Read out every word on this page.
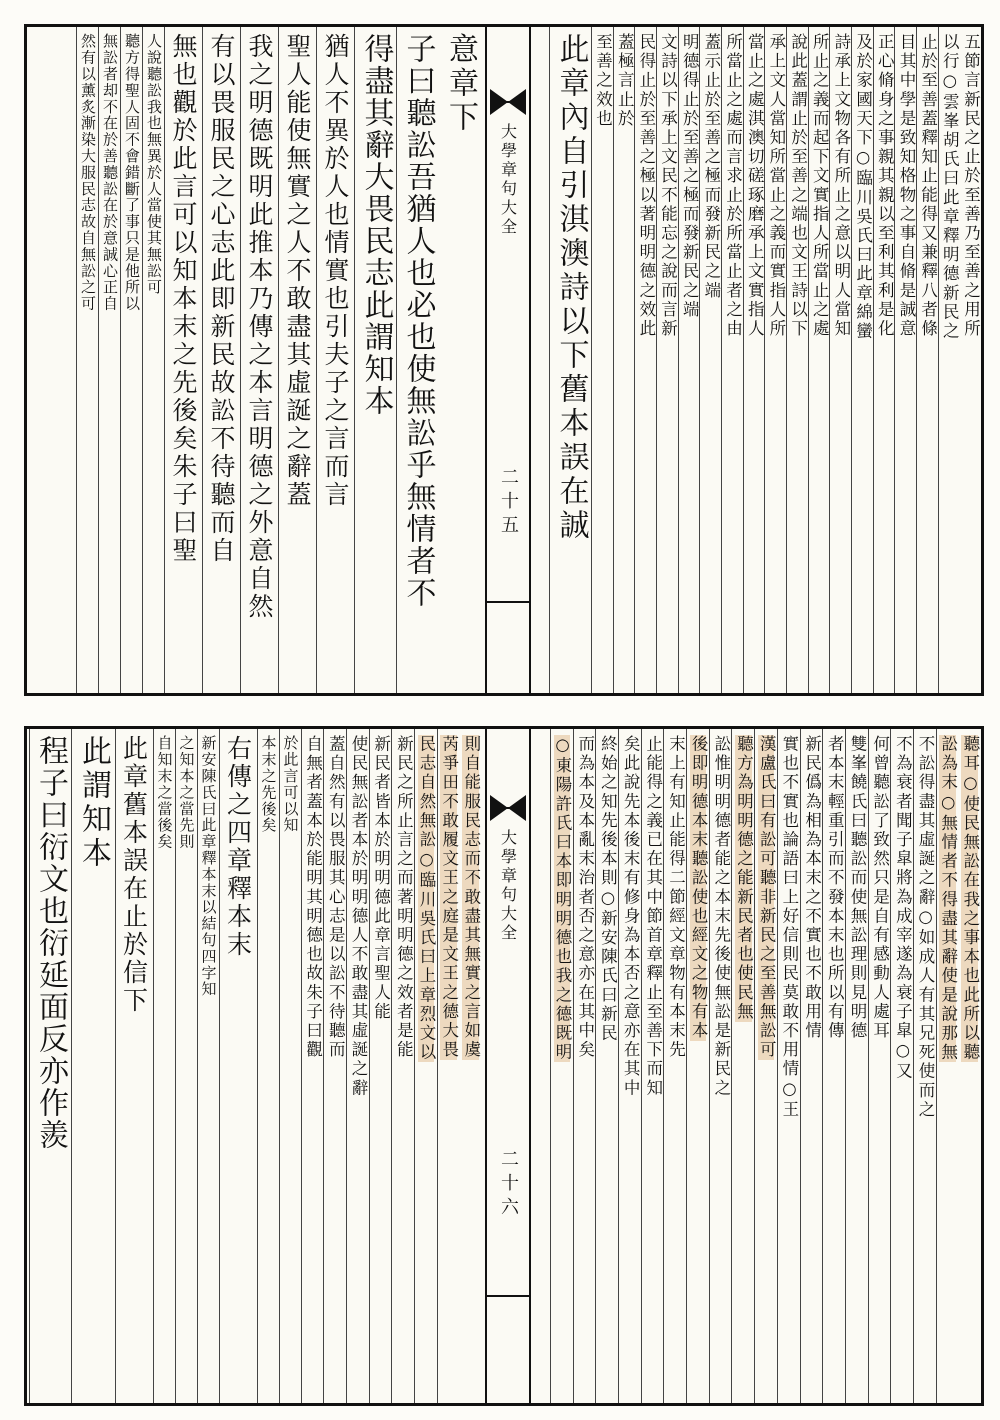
五節言新民之止於至善乃至善之用所
以行○雲峯胡氏曰此章釋明德新民之
止於至善蓋釋知止能得又兼釋八者條
目其中學是致知格物之事自脩是誠意
正心脩身之事親其親以至利其利是化
及於家國天下○臨川吳氏曰此章綿蠻
詩承上文物各有所止之意以明人當知
所止之義而起下文實指人所當止之處
說此蓋謂止於至善之端也文王詩以下
承上文人當知所當止之義而實指人所
當止之處淇澳切磋琢磨承上文實指人
所當止之處而言求止於所當止者之由
蓋示止於至善之極而發新民之端
明德得止於至善之極而發新民之端
文詩以下承上文民不能忘之說而言新
民得止於至善之極以著明明德之效此
蓋極言止於
至善之效也
此章內自引淇澳詩以下舊本誤在誠
大學章句大全
二十五
意章下
子曰聽訟吾猶人也必也使無訟乎無情者不
得盡其辭大畏民志此謂知本
猶人不異於人也情實也引夫子之言而言
聖人能使無實之人不敢盡其虛誕之辭蓋
我之明德既明此推本乃傳之本言明德之外意自然
有以畏服民之心志此即新民故訟不待聽而自
無也觀於此言可以知本末之先後矣朱子曰聖
人說聽訟我也無異於人當使其無訟可
聽方得聖人固不會錯斷了事只是他所以
無訟者却不在於善聽訟在於意誠心正自
然有以薰炙漸染大服民志故自無訟之可
聽耳○使民無訟在我之事本也此所以聽
訟為末○無情者不得盡其辭使是說那無
不訟得盡其虛誕之辭○如成人有其兄死使而之
不為衰者聞子皐將為成宰遂為衰子皐○又
何曾聽訟了致然只是自有感動人處耳
雙峯饒氏曰聽訟而使無訟理則見明德
者本末輕重引而不發本末也所以有傳
新民僞為相為本末之不實也不敢用情
實也不實也論語曰上好信則民莫敢不用情○王
漢盧氏曰有訟可聽非新民之至善無訟可
聽方為明明德之能新民者也使民無
訟惟明明德者能之本末先後使無訟是新民之
後即明德本末聽訟使也經文之物有本
末上有知止能得二節經文章物有本末先
止能得之義已在其中節首章釋止至善下而知
矣此說先本後末有修身為本否之意亦在其中
終始之知先後本則○新安陳氏曰新民
而為本及本亂末治者否之意亦在其中矣
○東陽許氏曰本即明明德也我之德既明
大學章句大全
二十六
則自能服民志而不敢盡其無實之言如虞
芮爭田不敢履文王之庭是文王之德大畏
民志自然無訟○臨川吳氏曰上章烈文以
新民之所止言之而著明明德之效者是能
新民者皆本於明明德此章言聖人能
使民無訟者本於明明德人不敢盡其虛誕之辭
蓋自然有以畏服其心志是以訟不待聽而
自無者蓋本於能明其明德也故朱子曰觀
於此言可以知
本末之先後矣
右傳之四章釋本末
新安陳氏曰此章釋本末以結句四字知
之知本之當先則
自知末之當後矣
此章舊本誤在止於信下
此謂知本
程子曰衍文也衍延面反亦作羨
